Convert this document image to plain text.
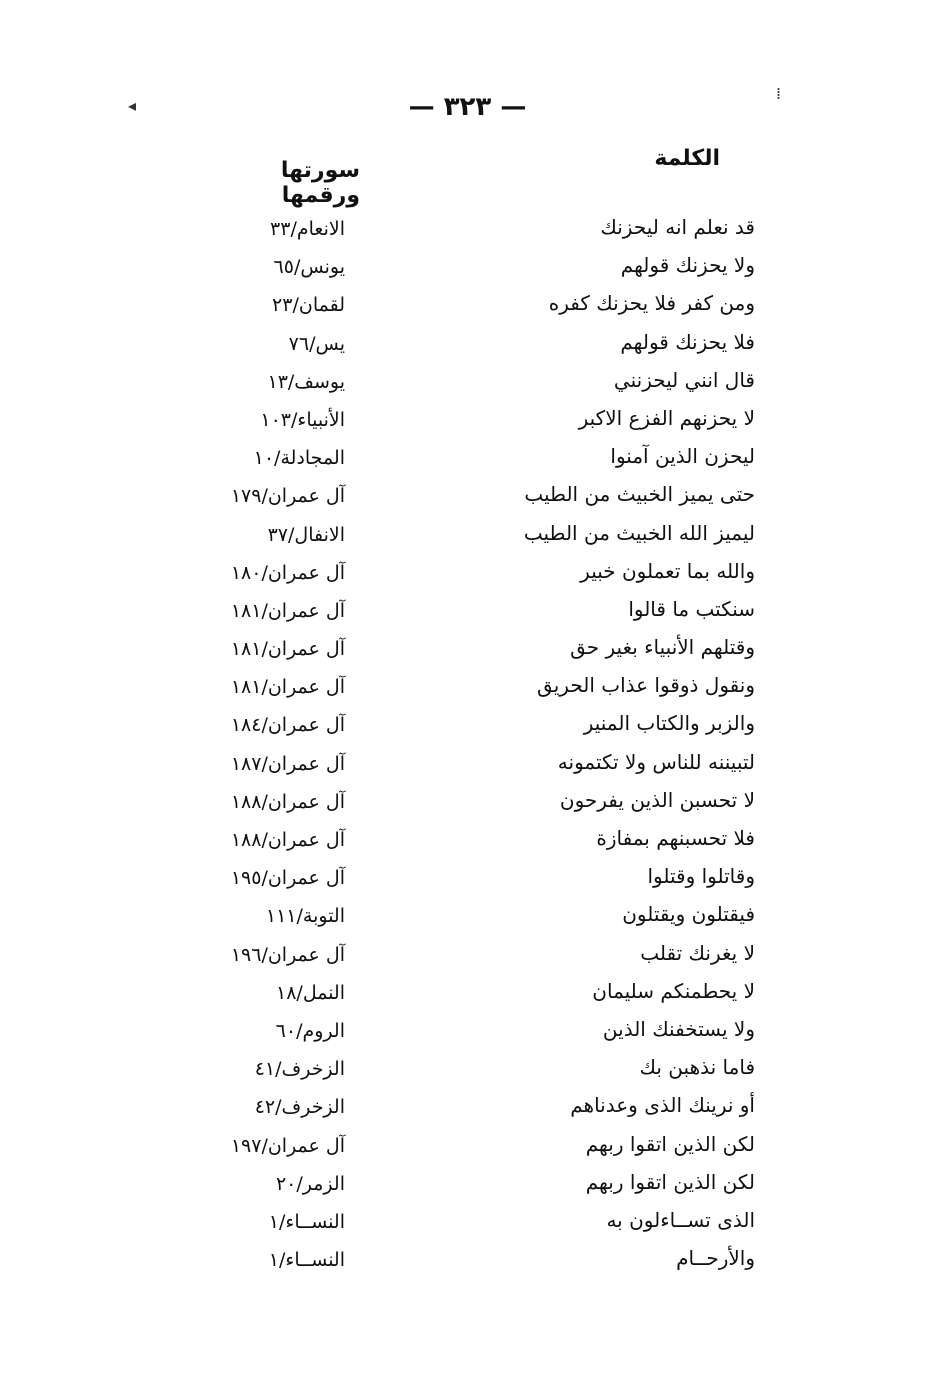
— ٣٢٣ —
الكلمة
سورتها ورقمها
قد نعلم انه ليحزنك
الانعام/٣٣
ولا يحزنك قولهم
يونس/٦٥
ومن كفر فلا يحزنك كفره
لقمان/٢٣
فلا يحزنك قولهم
يس/٧٦
قال انني ليحزنني
يوسف/١٣
لا يحزنهم الفزع الاكبر
الأنبياء/١٠٣
ليحزن الذين آمنوا
المجادلة/١٠
حتى يميز الخبيث من الطيب
آل عمران/١٧٩
ليميز الله الخبيث من الطيب
الانفال/٣٧
والله بما تعملون خبير
آل عمران/١٨٠
سنكتب ما قالوا
آل عمران/١٨١
وقتلهم الأنبياء بغير حق
آل عمران/١٨١
ونقول ذوقوا عذاب الحريق
آل عمران/١٨١
والزبر والكتاب المنير
آل عمران/١٨٤
لتبيننه للناس ولا تكتمونه
آل عمران/١٨٧
لا تحسبن الذين يفرحون
آل عمران/١٨٨
فلا تحسبنهم بمفازة
آل عمران/١٨٨
وقاتلوا وقتلوا
آل عمران/١٩٥
فيقتلون ويقتلون
التوبة/١١١
لا يغرنك تقلب
آل عمران/١٩٦
لا يحطمنكم سليمان
النمل/١٨
ولا يستخفنك الذين
الروم/٦٠
فاما نذهبن بك
الزخرف/٤١
أو نرينك الذى وعدناهم
الزخرف/٤٢
لكن الذين اتقوا ربهم
آل عمران/١٩٧
لكن الذين اتقوا ربهم
الزمر/٢٠
الذى تســاءلون به
النســاء/١
والأرحــام
النســاء/١
◂
⁞
